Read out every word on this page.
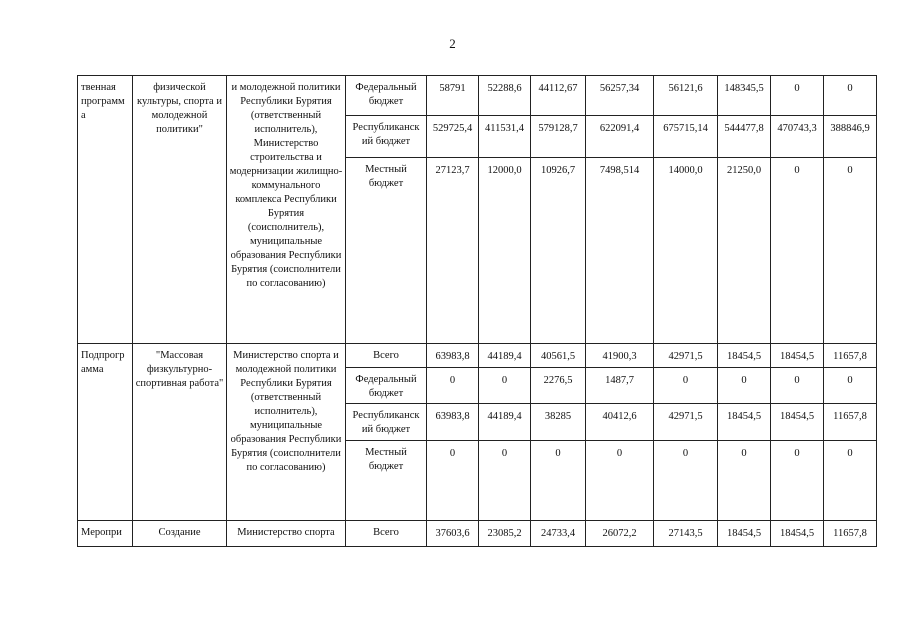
2
твенная программ а	физической культуры, спорта и молодежной политики"	и молодежной политики Республики Бурятия (ответственный исполнитель), Министерство строительства и модернизации жилищно-коммунального комплекса Республики Бурятия (соисполнитель), муниципальные образования Республики Бурятия (соисполнители по согласованию)	Федеральный бюджет	58791	52288,6	44112,67	56257,34	56121,6	148345,5	0	0
			Республиканск ий бюджет	529725,4	411531,4	579128,7	622091,4	675715,14	544477,8	470743,3	388846,9
			Местный бюджет	27123,7	12000,0	10926,7	7498,514	14000,0	21250,0	0	0
Подпрогр амма	"Массовая физкультурно-спортивная работа"	Министерство спорта и молодежной политики Республики Бурятия (ответственный исполнитель), муниципальные образования Республики Бурятия (соисполнители по согласованию)	Всего	63983,8	44189,4	40561,5	41900,3	42971,5	18454,5	18454,5	11657,8
			Федеральный бюджет	0	0	2276,5	1487,7	0	0	0	0
			Республиканск ий бюджет	63983,8	44189,4	38285	40412,6	42971,5	18454,5	18454,5	11657,8
			Местный бюджет	0	0	0	0	0	0	0	0
Меропри	Создание	Министерство спорта	Всего	37603,6	23085,2	24733,4	26072,2	27143,5	18454,5	18454,5	11657,8
